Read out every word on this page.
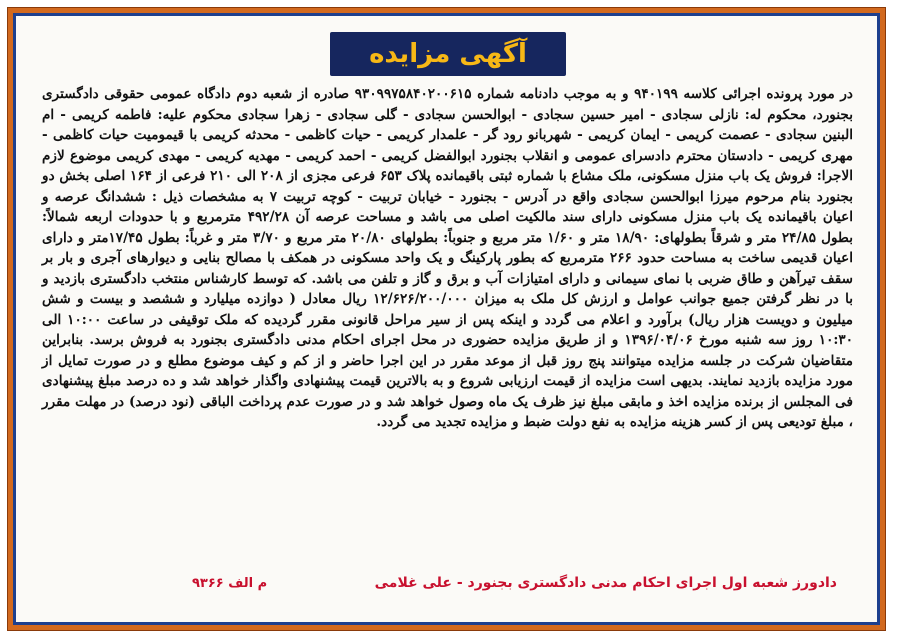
آگهی مزایده

در مورد پرونده اجرائی کلاسه ۹۴۰۱۹۹ و به موجب دادنامه شماره ۹۳۰۹۹۷۵۸۴۰۲۰۰۶۱۵ صادره از شعبه دوم دادگاه عمومی حقوقی دادگستری بجنورد، محکوم له: نازلی سجادی - امیر حسین سجادی - ابوالحسن سجادی - گلی سجادی - زهرا سجادی محکوم علیه: فاطمه کریمی - ام البنین سجادی - عصمت کریمی - ایمان کریمی - شهربانو رود گر - علمدار کریمی - حیات کاظمی - محدثه کریمی با قیمومیت حیات کاظمی - مهری کریمی - دادستان محترم دادسرای عمومی و انقلاب بجنورد ابوالفضل کریمی - احمد کریمی - مهدیه کریمی - مهدی کریمی موضوع لازم الاجرا: فروش یک باب منزل مسکونی، ملک مشاع با شماره ثبتی باقیمانده پلاک ۶۵۳ فرعی مجزی از ۲۰۸ الی ۲۱۰ فرعی از ۱۶۴ اصلی بخش دو بجنورد بنام مرحوم میرزا ابوالحسن سجادی واقع در آدرس - بجنورد - خیابان تربیت - کوچه تربیت ۷ به مشخصات ذیل : ششدانگ عرصه و اعیان باقیمانده یک باب منزل مسکونی دارای سند مالکیت اصلی می باشد و مساحت عرصه آن ۴۹۲/۲۸ مترمربع و با حدودات اربعه شمالاً: بطول ۲۴/۸۵ متر و شرقاً بطولهای: ۱۸/۹۰ متر و ۱/۶۰ متر مربع و جنوباً: بطولهای ۲۰/۸۰ متر مربع و ۳/۷۰ متر و غرباً: بطول ۱۷/۴۵متر و دارای اعیان قدیمی ساخت به مساحت حدود ۲۶۶ مترمربع که بطور پارکینگ و یک واحد مسکونی در همکف با مصالح بنایی و دیوارهای آجری و بار بر سقف تیرآهن و طاق ضربی با نمای سیمانی و دارای امتیازات آب و برق و گاز و تلفن می باشد. که توسط کارشناس منتخب دادگستری بازدید و با در نظر گرفتن جمیع جوانب عوامل و ارزش کل ملک به میزان ۱۲/۶۲۶/۲۰۰/۰۰۰ ریال معادل ( دوازده میلیارد و ششصد و بیست و شش میلیون و دویست هزار ریال) برآورد و اعلام می گردد و اینکه پس از سیر مراحل قانونی مقرر گردیده که ملک توقیفی در ساعت ۱۰:۰۰ الی ۱۰:۳۰ روز سه شنبه مورخ ۱۳۹۶/۰۴/۰۶ و از طریق مزایده حضوری در محل اجرای احکام مدنی دادگستری بجنورد به فروش برسد. بنابراین متقاضیان شرکت در جلسه مزایده میتوانند پنج روز قبل از موعد مقرر در این اجرا حاضر و از کم و کیف موضوع مطلع و در صورت تمایل از مورد مزایده بازدید نمایند. بدیهی است مزایده از قیمت ارزیابی شروع و به بالاترین قیمت پیشنهادی واگذار خواهد شد و ده درصد مبلغ پیشنهادی فی المجلس از برنده مزایده اخذ و مابقی مبلغ نیز ظرف یک ماه وصول خواهد شد و در صورت عدم پرداخت الباقی (نود درصد) در مهلت مقرر ، مبلغ تودیعی پس از کسر هزینه مزایده به نفع دولت ضبط و مزایده تجدید می گردد.

دادورز شعبه اول اجرای احکام مدنی دادگستری بجنورد - علی غلامی
م الف ۹۳۶۶
